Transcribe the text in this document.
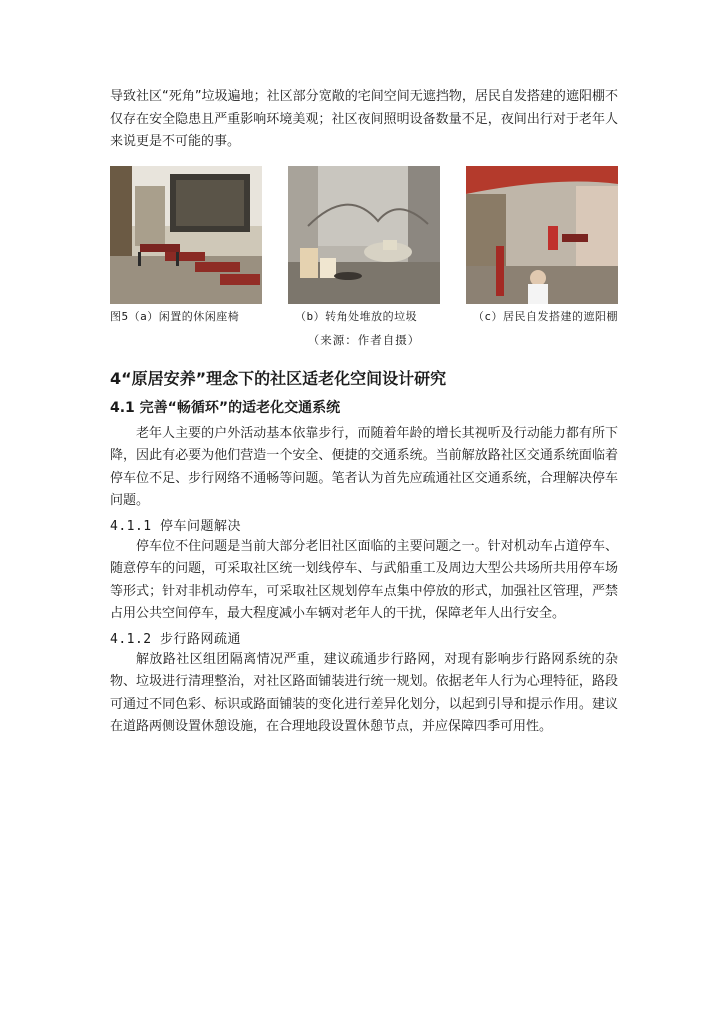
导致社区“死角”垃圾遍地；社区部分宽敞的宅间空间无遮挡物，居民自发搭建的遮阳棚不仅存在安全隐患且严重影响环境美观；社区夜间照明设备数量不足，夜间出行对于老年人来说更是不可能的事。

图5（a）闲置的休闲座椅	（b）转角处堆放的垃圾	（c）居民自发搭建的遮阳棚
（来源：作者自摄）
4“原居安养”理念下的社区适老化空间设计研究
4.1 完善“畅循环”的适老化交通系统

老年人主要的户外活动基本依靠步行，而随着年龄的增长其视听及行动能力都有所下降，因此有必要为他们营造一个安全、便捷的交通系统。当前解放路社区交通系统面临着停车位不足、步行网络不通畅等问题。笔者认为首先应疏通社区交通系统，合理解决停车问题。

4.1.1 停车问题解决

停车位不住问题是当前大部分老旧社区面临的主要问题之一。针对机动车占道停车、随意停车的问题，可采取社区统一划线停车、与武船重工及周边大型公共场所共用停车场等形式；针对非机动停车，可采取社区规划停车点集中停放的形式，加强社区管理，严禁占用公共空间停车，最大程度减小车辆对老年人的干扰，保障老年人出行安全。

4.1.2 步行路网疏通

解放路社区组团隔离情况严重，建议疏通步行路网，对现有影响步行路网系统的杂物、垃圾进行清理整治，对社区路面铺装进行统一规划。依据老年人行为心理特征，路段可通过不同色彩、标识或路面铺装的变化进行差异化划分，以起到引导和提示作用。建议在道路两侧设置休憩设施，在合理地段设置休憩节点，并应保障四季可用性。
